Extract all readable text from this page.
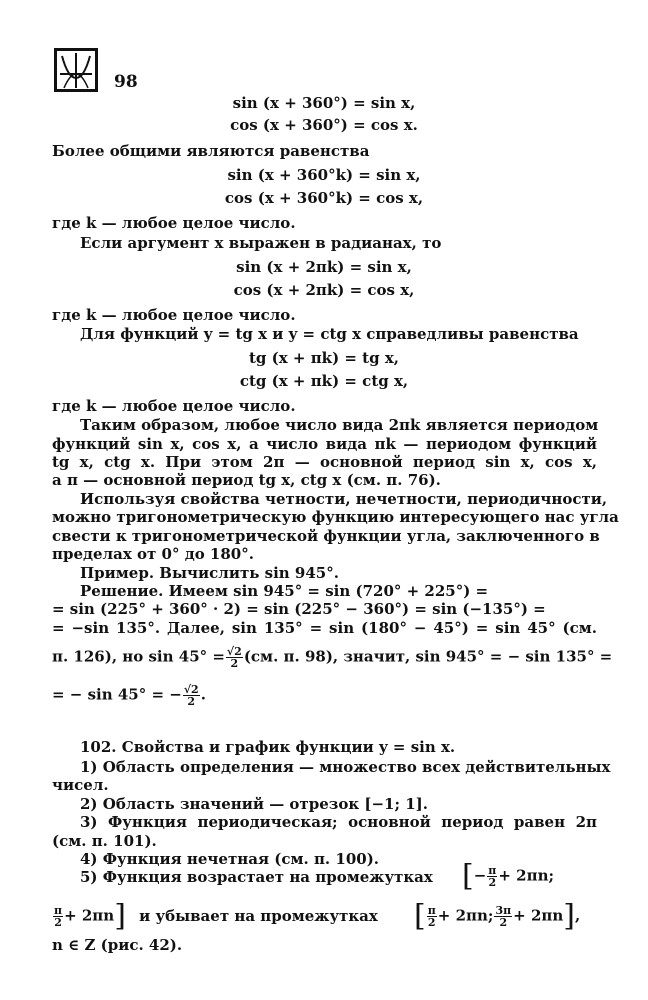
98
sin (x + 360°) = sin x,
cos (x + 360°) = cos x.
Более общими являются равенства
sin (x + 360°k) = sin x,
cos (x + 360°k) = cos x,
где k — любое целое число.
Если аргумент x выражен в радианах, то
sin (x + 2πk) = sin x,
cos (x + 2πk) = cos x,
где k — любое целое число.
Для функций y = tg x и y = ctg x справедливы равенства
tg (x + πk) = tg x,
ctg (x + πk) = ctg x,
где k — любое целое число.
Таким образом, любое число вида 2πk является периодом
функций sin x, cos x, а число вида πk — периодом функций
tg x, ctg x. При этом 2π — основной период sin x, cos x,
а π — основной период tg x, ctg x (см. п. 76).
Используя свойства четности, нечетности, периодичности,
можно тригонометрическую функцию интересующего нас угла
свести к тригонометрической функции угла, заключенного в
пределах от 0° до 180°.
Пример. Вычислить sin 945°.
Решение. Имеем sin 945° = sin (720° + 225°) =
= sin (225° + 360° · 2) = sin (225° − 360°) = sin (−135°) =
= −sin 135°. Далее, sin 135° = sin (180° − 45°) = sin 45° (см.
п. 126), но $\sin 45^\circ = \frac{√2}{2} (см$. п. 98), значит, sin 945° = − sin 135° =
= − sin 45° = − $\frac{√2}{2}$ .
102. Свойства и график функции y = sin x.
1) Область определения — множество всех действительных
чисел.
2) Область значений — отрезок [−1; 1].
3) Функция периодическая; основной период равен 2π
(см. п. 101).
4) Функция нечетная (см. п. 100).
5) Функция возрастает на промежутках [− $\frac{\pi}{2} + 2\pi n$;
$\frac{\pi}{2} + 2\pi n$] и убывает на промежутках [ $\frac{\pi}{2} + 2\pi n$; $\frac{3\pi}{2} + 2\pi n$],
n ∈ Z (рис. 42).
